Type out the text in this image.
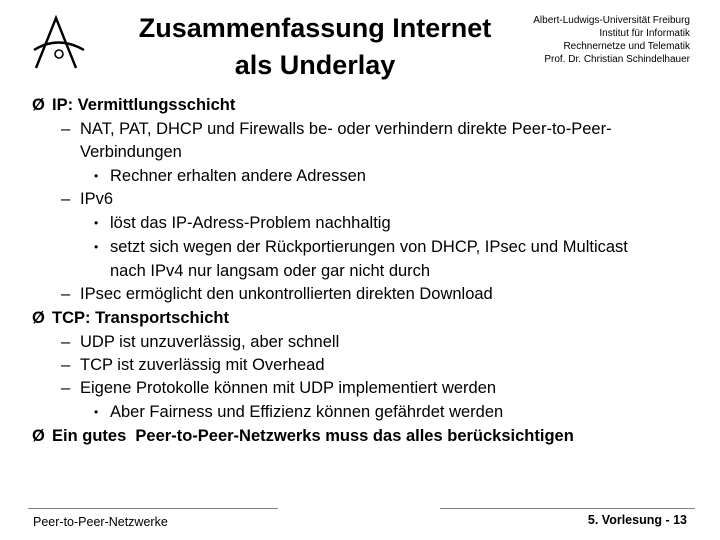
Zusammenfassung Internet
als Underlay
Albert-Ludwigs-Universität Freiburg
Institut für Informatik
Rechnernetze und Telematik
Prof. Dr. Christian Schindelhauer
Ø IP: Vermittlungsschicht
– NAT, PAT, DHCP und Firewalls be- oder verhindern direkte Peer-to-Peer-
Verbindungen
• Rechner erhalten andere Adressen
– IPv6
• löst das IP-Adress-Problem nachhaltig
• setzt sich wegen der Rückportierungen von DHCP, IPsec und Multicast
nach IPv4 nur langsam oder gar nicht durch
– IPsec ermöglicht den unkontrollierten direkten Download
Ø TCP: Transportschicht
– UDP ist unzuverlässig, aber schnell
– TCP ist zuverlässig mit Overhead
– Eigene Protokolle können mit UDP implementiert werden
• Aber Fairness und Effizienz können gefährdet werden
Ø Ein gutes  Peer-to-Peer-Netzwerks muss das alles berücksichtigen
Peer-to-Peer-Netzwerke	5. Vorlesung - 13
